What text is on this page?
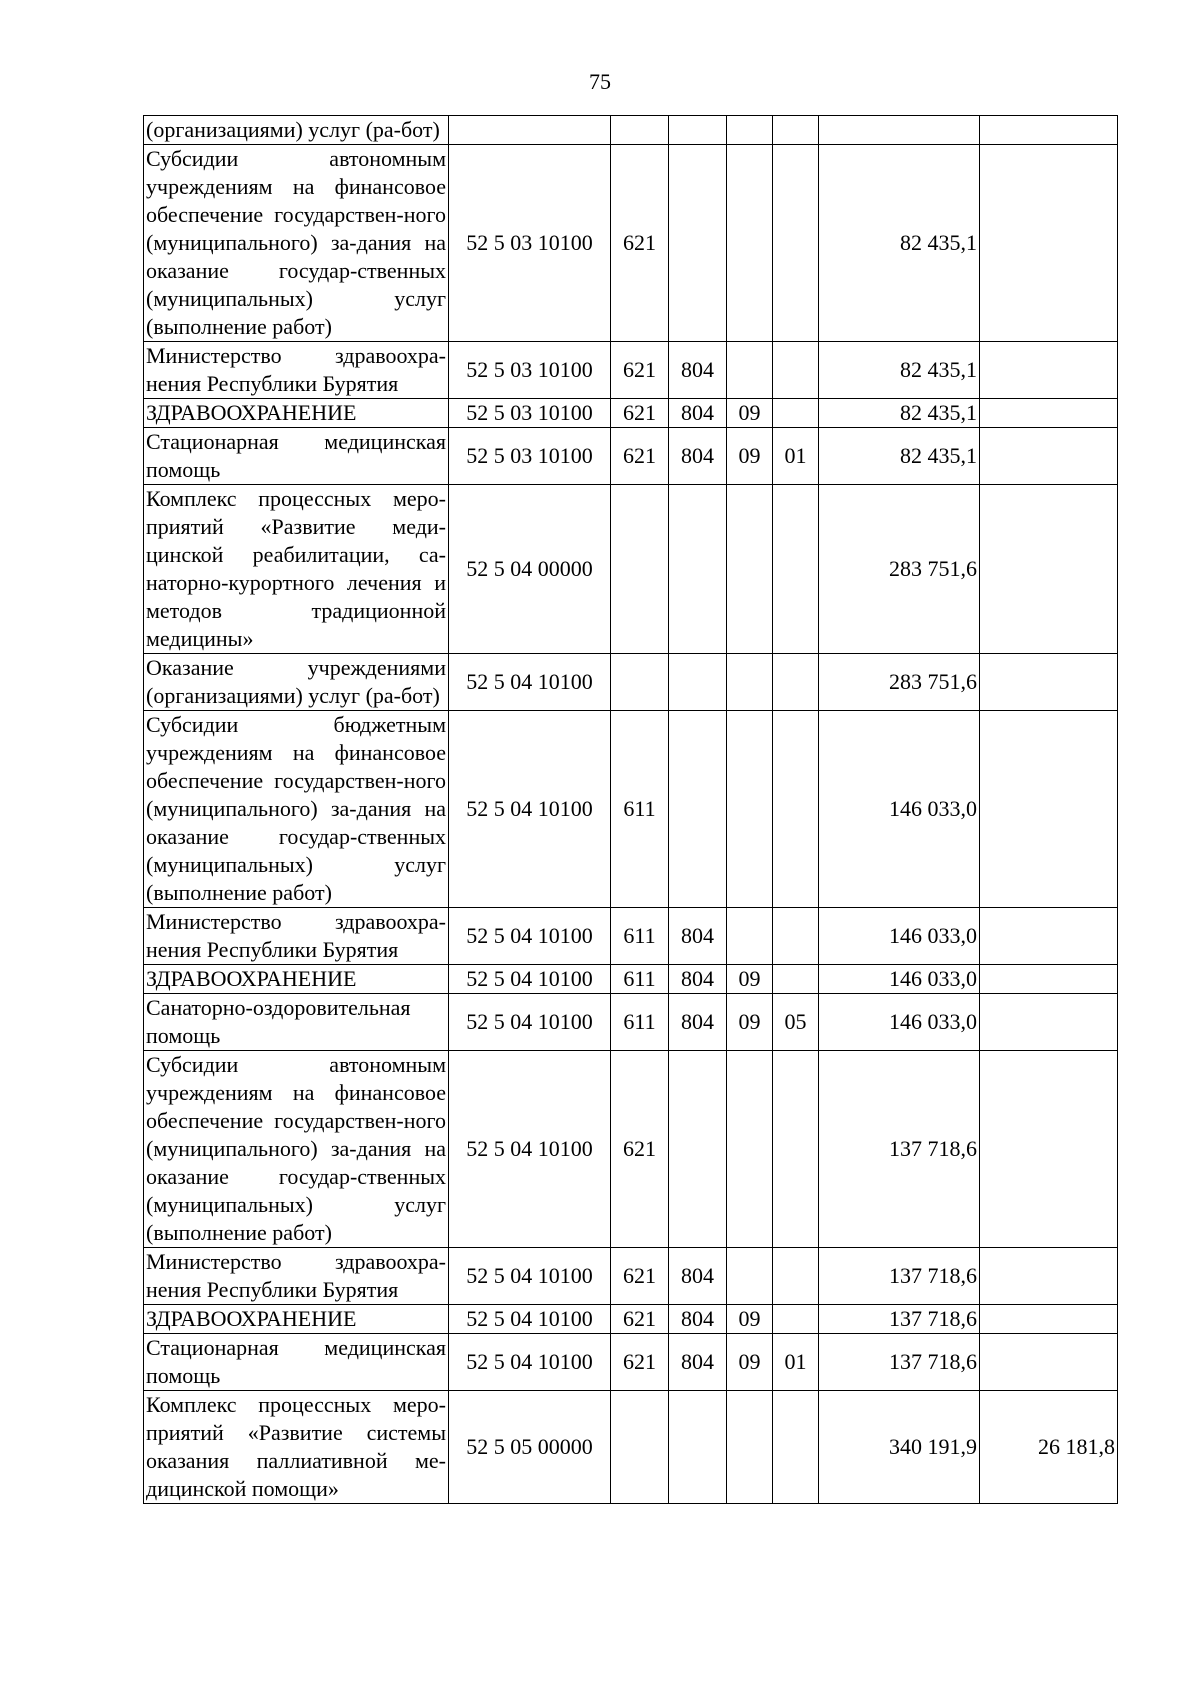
75
(организациями) услуг (ра-бот)							
Субсидии автономным учреждениям на финансовое обеспечение государствен-ного (муниципального) за-дания на оказание государ-ственных (муниципальных) услуг (выполнение работ)	52 5 03 10100	621				82 435,1	
Министерство здравоохра-нения Республики Бурятия	52 5 03 10100	621	804			82 435,1	
ЗДРАВООХРАНЕНИЕ	52 5 03 10100	621	804	09		82 435,1	
Стационарная медицинская помощь	52 5 03 10100	621	804	09	01	82 435,1	
Комплекс процессных меро-приятий «Развитие меди-цинской реабилитации, са-наторно-курортного лечения и методов традиционной медицины»	52 5 04 00000					283 751,6	
Оказание учреждениями (организациями) услуг (ра-бот)	52 5 04 10100					283 751,6	
Субсидии бюджетным учреждениям на финансовое обеспечение государствен-ного (муниципального) за-дания на оказание государ-ственных (муниципальных) услуг (выполнение работ)	52 5 04 10100	611				146 033,0	
Министерство здравоохра-нения Республики Бурятия	52 5 04 10100	611	804			146 033,0	
ЗДРАВООХРАНЕНИЕ	52 5 04 10100	611	804	09		146 033,0	
Санаторно-оздоровительная помощь	52 5 04 10100	611	804	09	05	146 033,0	
Субсидии автономным учреждениям на финансовое обеспечение государствен-ного (муниципального) за-дания на оказание государ-ственных (муниципальных) услуг (выполнение работ)	52 5 04 10100	621				137 718,6	
Министерство здравоохра-нения Республики Бурятия	52 5 04 10100	621	804			137 718,6	
ЗДРАВООХРАНЕНИЕ	52 5 04 10100	621	804	09		137 718,6	
Стационарная медицинская помощь	52 5 04 10100	621	804	09	01	137 718,6	
Комплекс процессных меро-приятий «Развитие системы оказания паллиативной ме-дицинской помощи»	52 5 05 00000					340 191,9	26 181,8
